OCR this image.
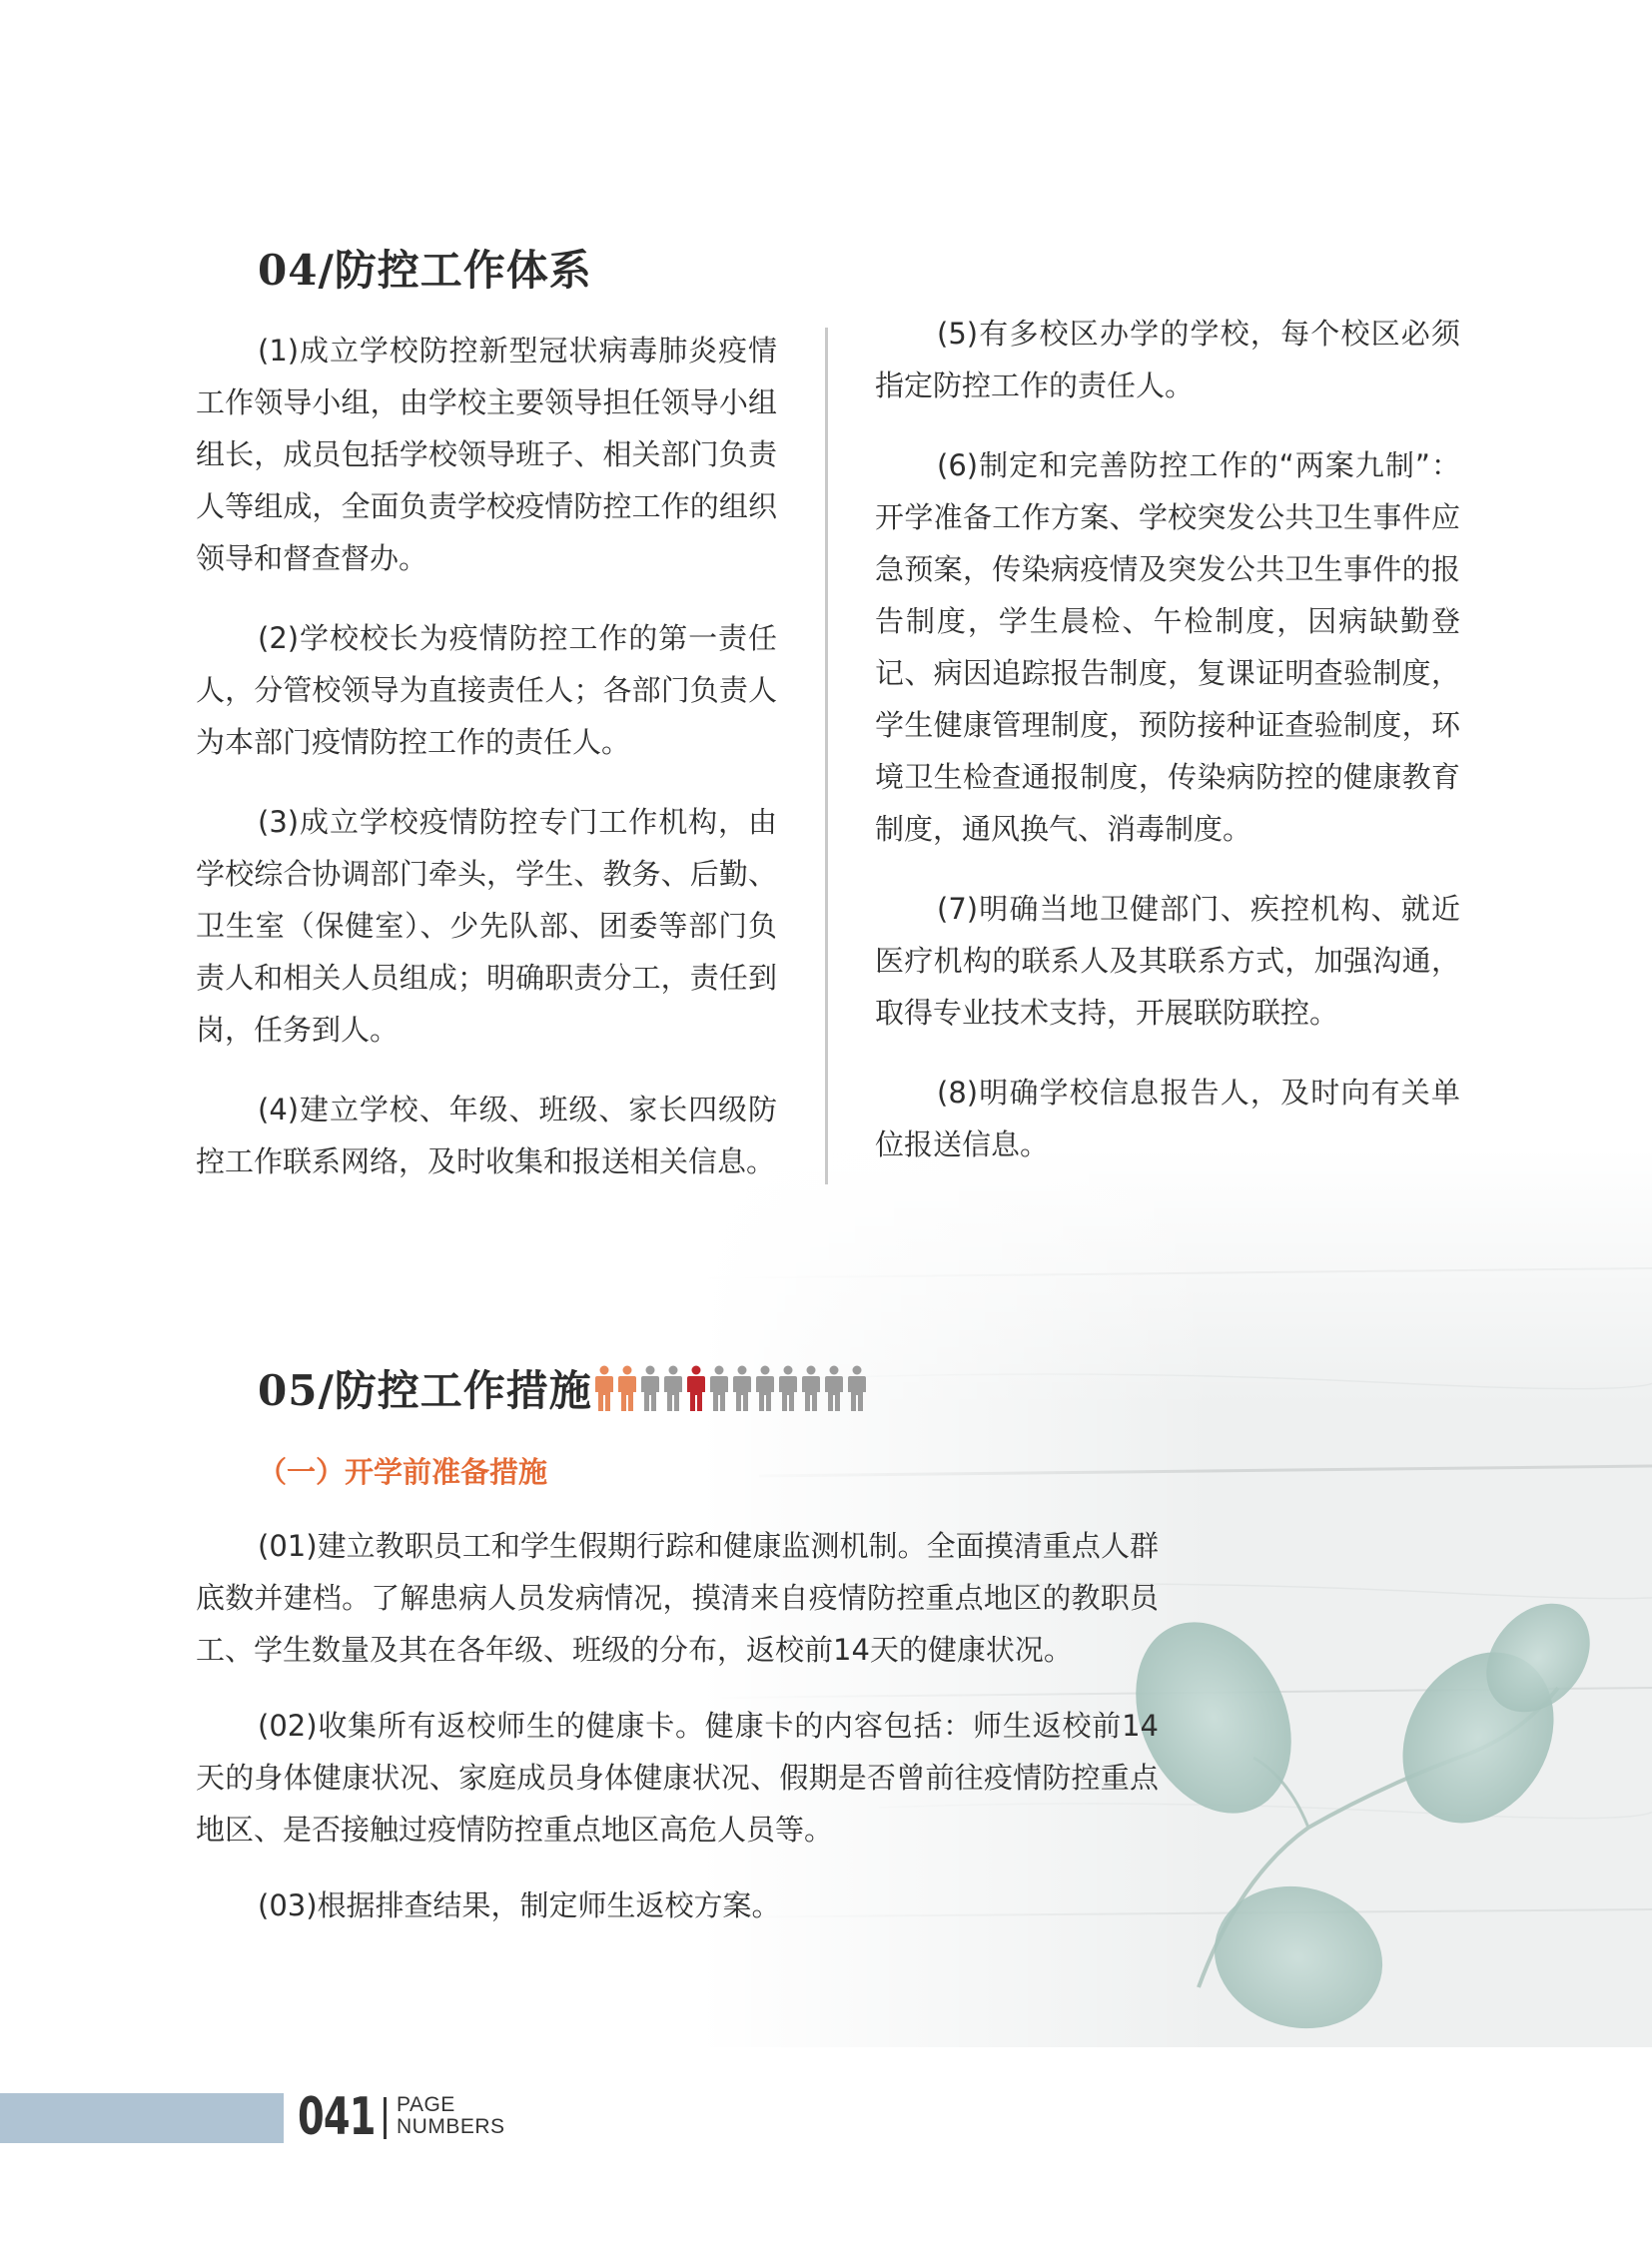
04/防控工作体系

(1)成立学校防控新型冠状病毒肺炎疫情工作领导小组，由学校主要领导担任领导小组组长，成员包括学校领导班子、相关部门负责人等组成，全面负责学校疫情防控工作的组织领导和督查督办。

(2)学校校长为疫情防控工作的第一责任人，分管校领导为直接责任人；各部门负责人为本部门疫情防控工作的责任人。

(3)成立学校疫情防控专门工作机构，由学校综合协调部门牵头，学生、教务、后勤、卫生室（保健室）、少先队部、团委等部门负责人和相关人员组成；明确职责分工，责任到岗，任务到人。

(4)建立学校、年级、班级、家长四级防控工作联系网络，及时收集和报送相关信息。

(5)有多校区办学的学校，每个校区必须指定防控工作的责任人。

(6)制定和完善防控工作的“两案九制”：开学准备工作方案、学校突发公共卫生事件应急预案，传染病疫情及突发公共卫生事件的报告制度，学生晨检、午检制度，因病缺勤登记、病因追踪报告制度，复课证明查验制度，学生健康管理制度，预防接种证查验制度，环境卫生检查通报制度，传染病防控的健康教育制度，通风换气、消毒制度。

(7)明确当地卫健部门、疾控机构、就近医疗机构的联系人及其联系方式，加强沟通，取得专业技术支持，开展联防联控。

(8)明确学校信息报告人，及时向有关单位报送信息。

05/防控工作措施
（一）开学前准备措施

(01)建立教职员工和学生假期行踪和健康监测机制。全面摸清重点人群底数并建档。了解患病人员发病情况，摸清来自疫情防控重点地区的教职员工、学生数量及其在各年级、班级的分布，返校前14天的健康状况。

(02)收集所有返校师生的健康卡。健康卡的内容包括：师生返校前14天的身体健康状况、家庭成员身体健康状况、假期是否曾前往疫情防控重点地区、是否接触过疫情防控重点地区高危人员等。

(03)根据排查结果，制定师生返校方案。

041 PAGE
NUMBERS
